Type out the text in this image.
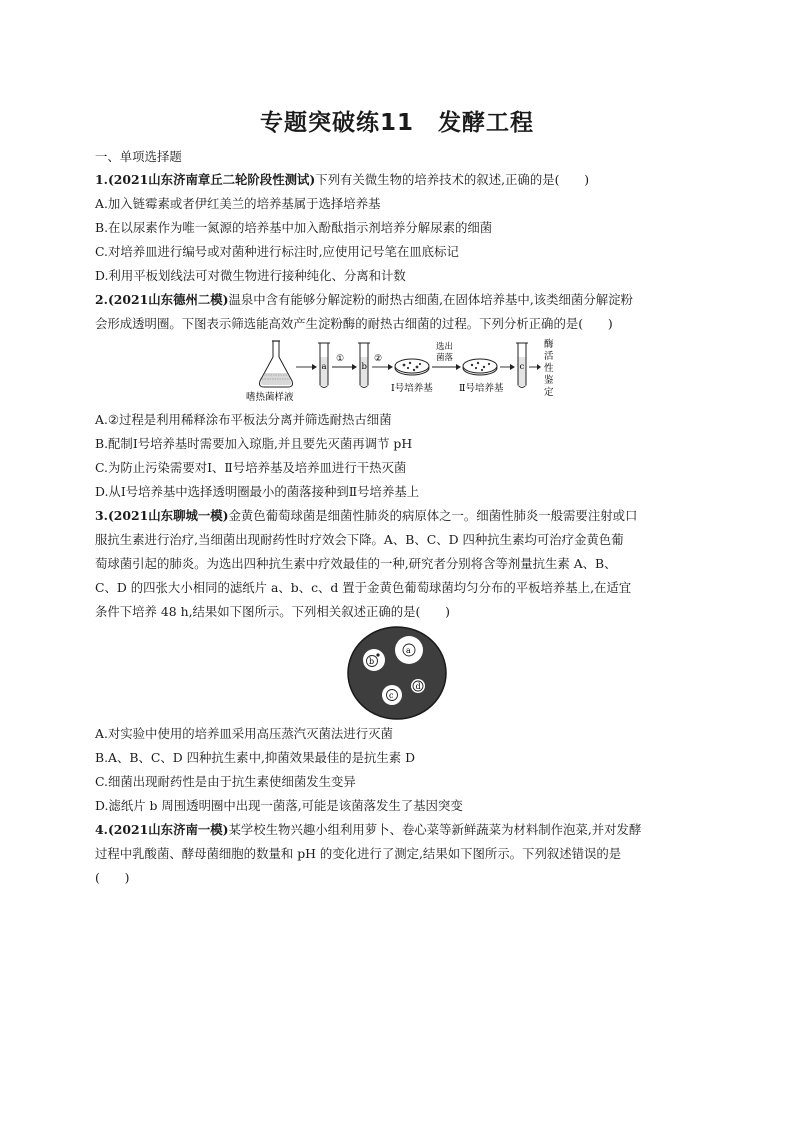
专题突破练11　发酵工程
一、单项选择题
1.(2021山东济南章丘二轮阶段性测试)下列有关微生物的培养技术的叙述,正确的是(　　)
A.加入链霉素或者伊红美兰的培养基属于选择培养基
B.在以尿素作为唯一氮源的培养基中加入酚酞指示剂培养分解尿素的细菌
C.对培养皿进行编号或对菌种进行标注时,应使用记号笔在皿底标记
D.利用平板划线法可对微生物进行接种纯化、分离和计数
2.(2021山东德州二模)温泉中含有能够分解淀粉的耐热古细菌,在固体培养基中,该类细菌分解淀粉
会形成透明圈。下图表示筛选能高效产生淀粉酶的耐热古细菌的过程。下列分析正确的是(　　)
嗜热菌样液
a
①
b
②
Ⅰ号培养基
选出
菌落
Ⅱ号培养基
c
酶
活
性
鉴
定
A.②过程是利用稀释涂布平板法分离并筛选耐热古细菌
B.配制Ⅰ号培养基时需要加入琼脂,并且要先灭菌再调节 pH
C.为防止污染需要对Ⅰ、Ⅱ号培养基及培养皿进行干热灭菌
D.从Ⅰ号培养基中选择透明圈最小的菌落接种到Ⅱ号培养基上
3.(2021山东聊城一模)金黄色葡萄球菌是细菌性肺炎的病原体之一。细菌性肺炎一般需要注射或口
服抗生素进行治疗,当细菌出现耐药性时疗效会下降。A、B、C、D 四种抗生素均可治疗金黄色葡
萄球菌引起的肺炎。为选出四种抗生素中疗效最佳的一种,研究者分别将含等剂量抗生素 A、B、
C、D 的四张大小相同的滤纸片 a、b、c、d 置于金黄色葡萄球菌均匀分布的平板培养基上,在适宜
条件下培养 48 h,结果如下图所示。下列相关叙述正确的是(　　)
a
b
c
d
A.对实验中使用的培养皿采用高压蒸汽灭菌法进行灭菌
B.A、B、C、D 四种抗生素中,抑菌效果最佳的是抗生素 D
C.细菌出现耐药性是由于抗生素使细菌发生变异
D.滤纸片 b 周围透明圈中出现一菌落,可能是该菌落发生了基因突变
4.(2021山东济南一模)某学校生物兴趣小组利用萝卜、卷心菜等新鲜蔬菜为材料制作泡菜,并对发酵
过程中乳酸菌、酵母菌细胞的数量和 pH 的变化进行了测定,结果如下图所示。下列叙述错误的是
(　　)
